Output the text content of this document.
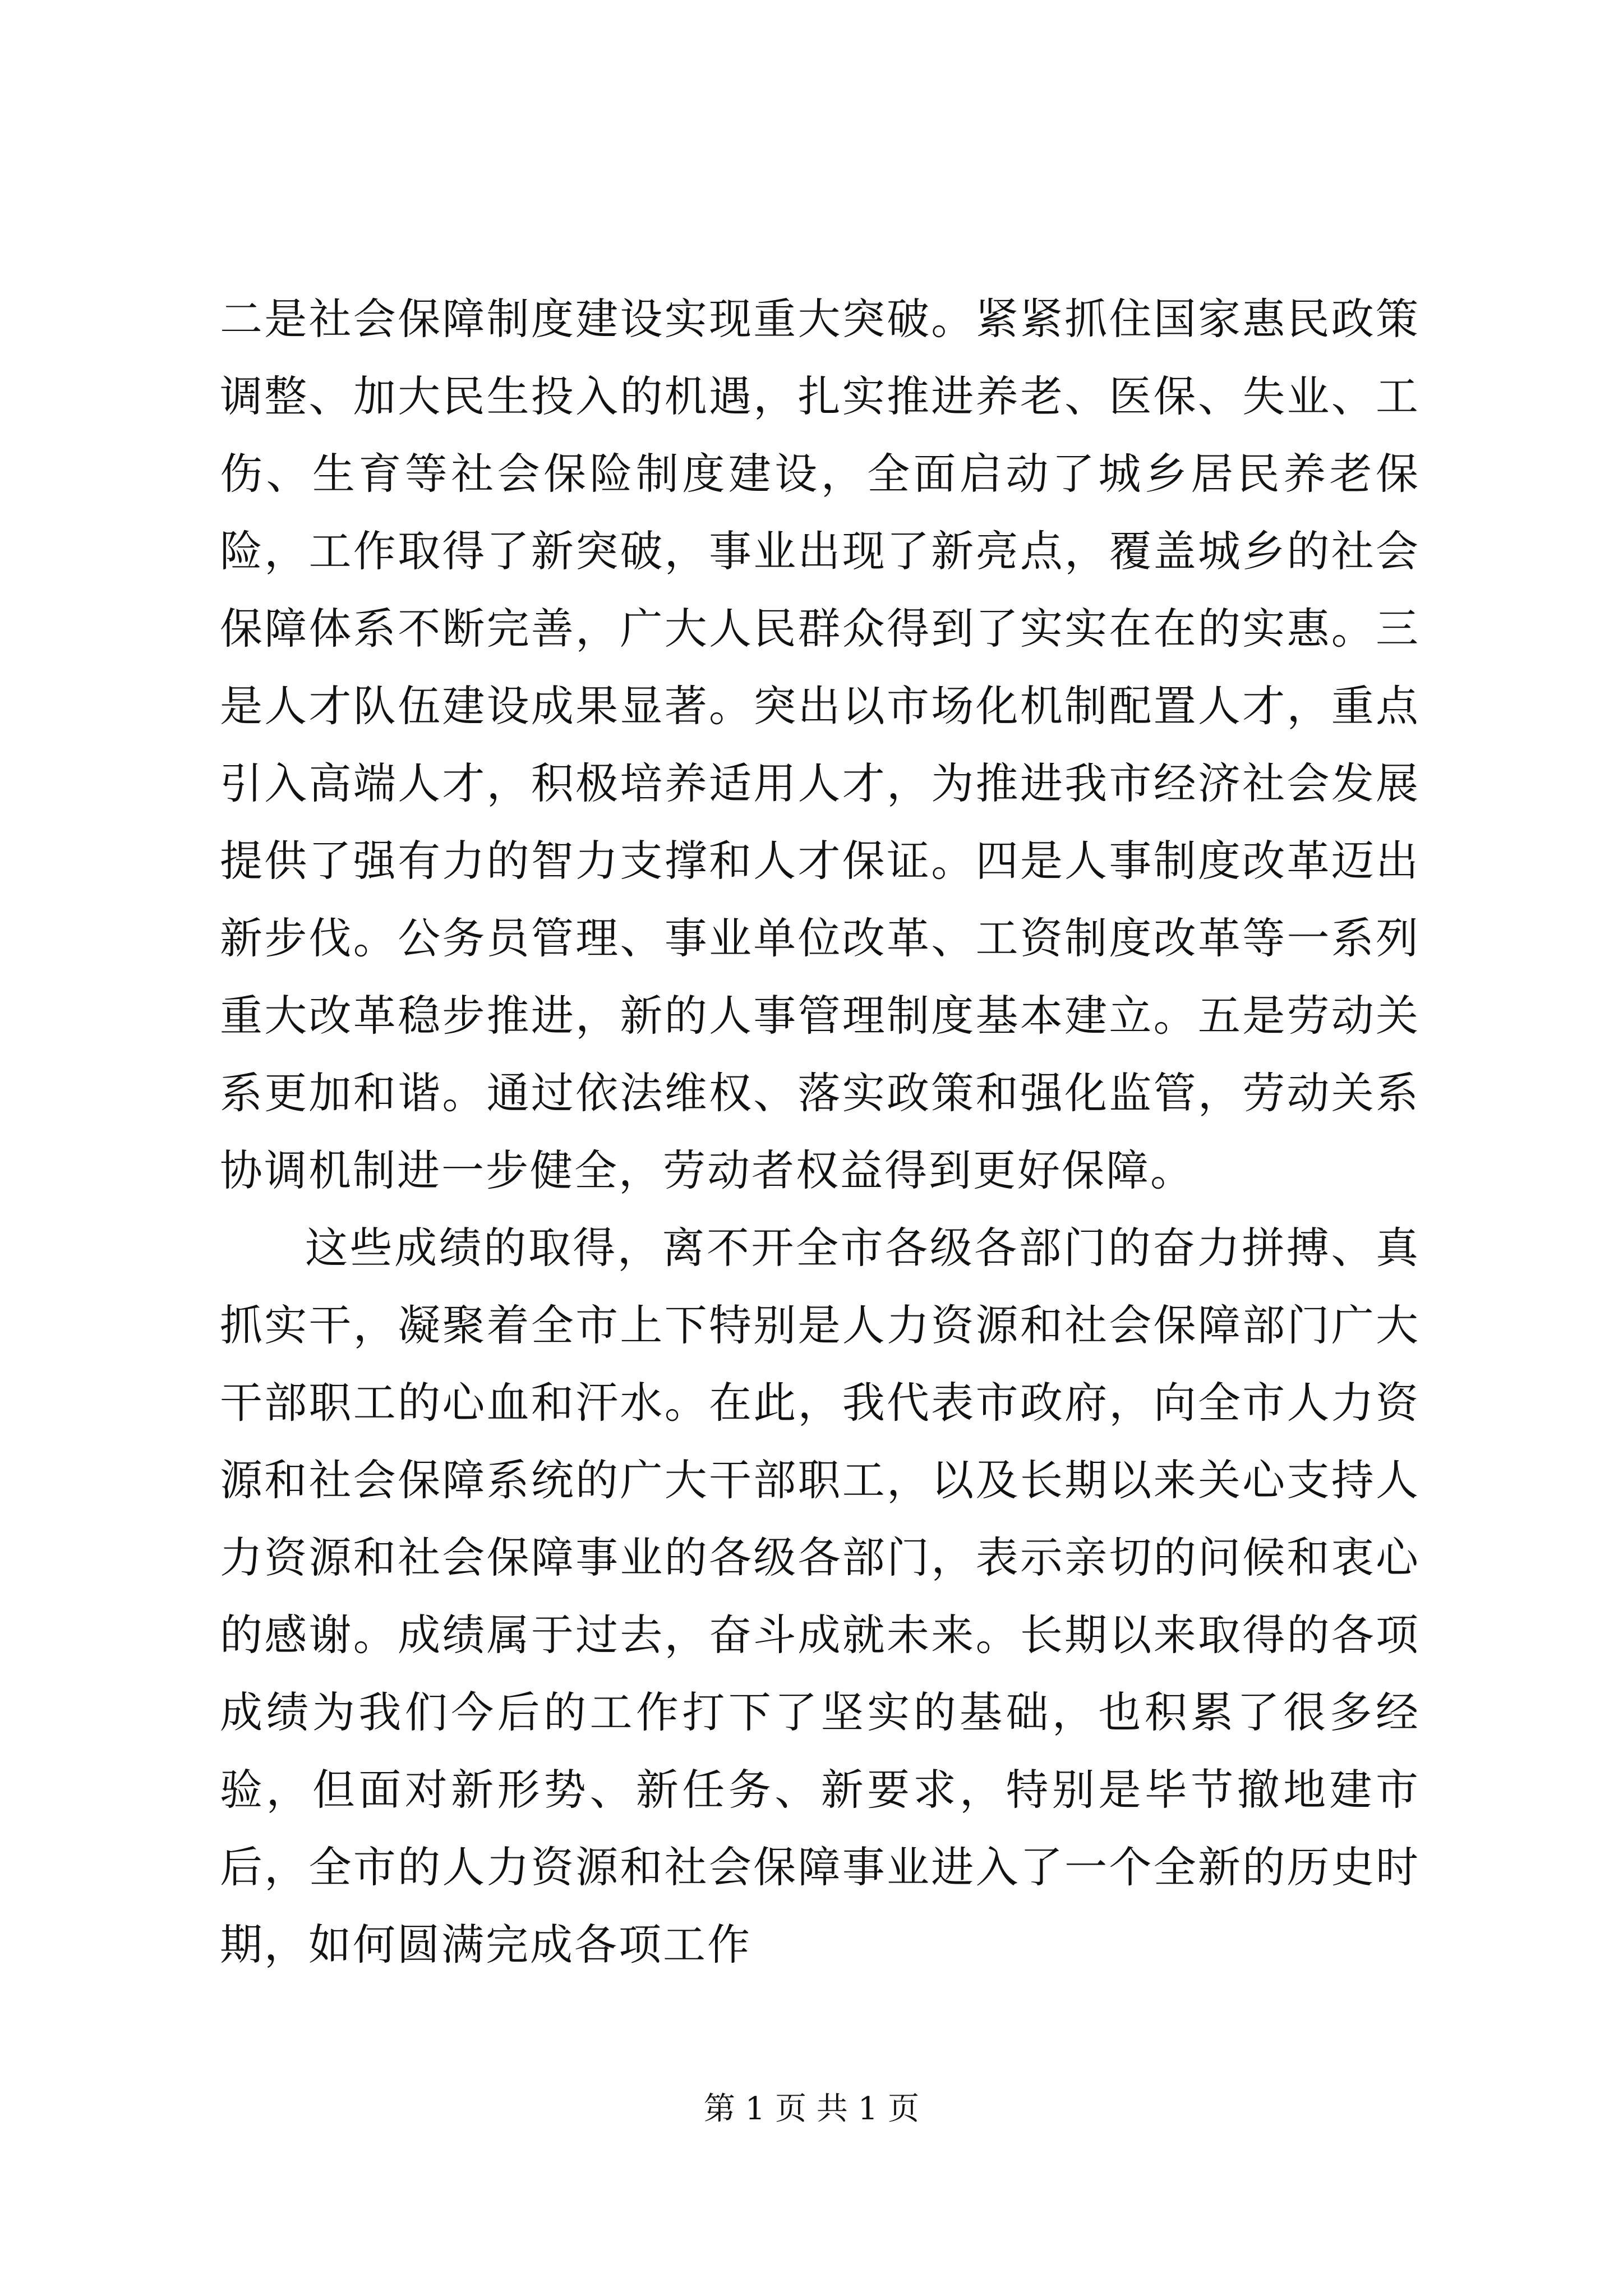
二是社会保障制度建设实现重大突破。紧紧抓住国家惠民政策调整、加大民生投入的机遇，扎实推进养老、医保、失业、工伤、生育等社会保险制度建设，全面启动了城乡居民养老保险，工作取得了新突破，事业出现了新亮点，覆盖城乡的社会保障体系不断完善，广大人民群众得到了实实在在的实惠。三是人才队伍建设成果显著。突出以市场化机制配置人才，重点引入高端人才，积极培养适用人才，为推进我市经济社会发展提供了强有力的智力支撑和人才保证。四是人事制度改革迈出新步伐。公务员管理、事业单位改革、工资制度改革等一系列重大改革稳步推进，新的人事管理制度基本建立。五是劳动关系更加和谐。通过依法维权、落实政策和强化监管，劳动关系协调机制进一步健全，劳动者权益得到更好保障。

这些成绩的取得，离不开全市各级各部门的奋力拼搏、真抓实干，凝聚着全市上下特别是人力资源和社会保障部门广大干部职工的心血和汗水。在此，我代表市政府，向全市人力资源和社会保障系统的广大干部职工，以及长期以来关心支持人力资源和社会保障事业的各级各部门，表示亲切的问候和衷心的感谢。成绩属于过去，奋斗成就未来。长期以来取得的各项成绩为我们今后的工作打下了坚实的基础，也积累了很多经验，但面对新形势、新任务、新要求，特别是毕节撤地建市后，全市的人力资源和社会保障事业进入了一个全新的历史时期，如何圆满完成各项工作

第 1 页 共 1 页
